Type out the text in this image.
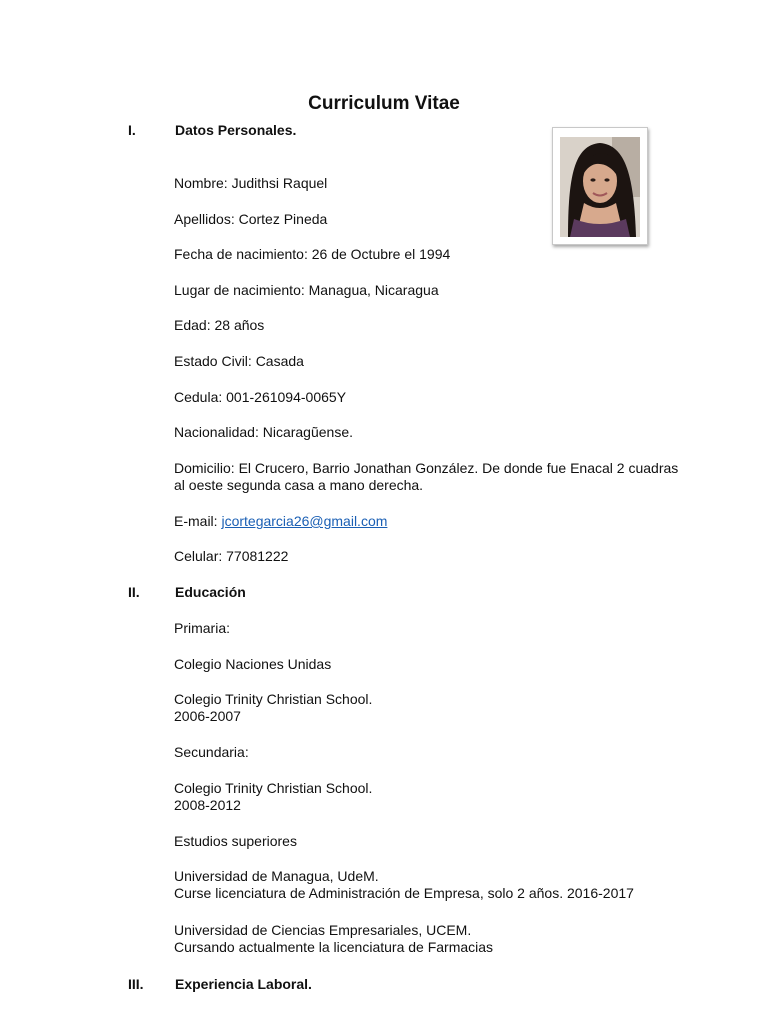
Curriculum Vitae
I.	Datos Personales.
Nombre: Judithsi Raquel
Apellidos: Cortez Pineda
Fecha de nacimiento: 26 de Octubre el 1994
Lugar de nacimiento: Managua, Nicaragua
Edad: 28 años
Estado Civil: Casada
Cedula: 001-261094-0065Y
Nacionalidad: Nicaragũense.
Domicilio: El Crucero, Barrio Jonathan González. De donde fue Enacal 2 cuadras
al oeste segunda casa a mano derecha.
E-mail: jcortegarcia26@gmail.com
Celular: 77081222
II.	Educación
Primaria:
Colegio Naciones Unidas
Colegio Trinity Christian School.
2006-2007
Secundaria:
Colegio Trinity Christian School.
2008-2012
Estudios superiores
Universidad de Managua, UdeM.
Curse licenciatura de Administración de Empresa, solo 2 años. 2016-2017
Universidad de Ciencias Empresariales, UCEM.
Cursando actualmente la licenciatura de Farmacias
III. Experiencia Laboral.
